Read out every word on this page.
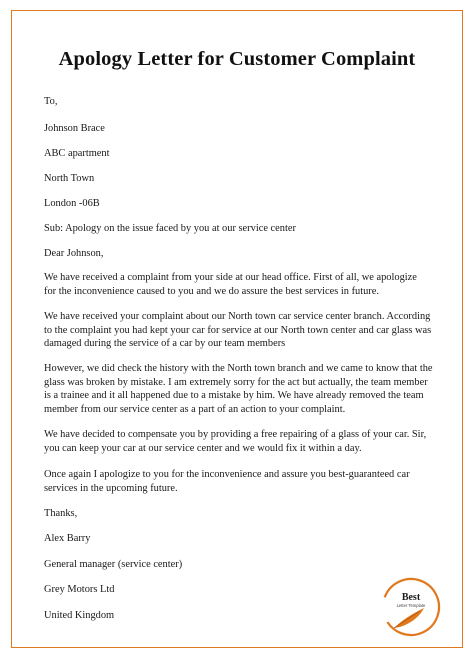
Apology Letter for Customer Complaint
To,
Johnson Brace
ABC apartment
North Town
London -06B
Sub: Apology on the issue faced by you at our service center
Dear Johnson,
We have received a complaint from your side at our head office. First of all, we apologize
for the inconvenience caused to you and we do assure the best services in future.
We have received your complaint about our North town car service center branch. According
to the complaint you had kept your car for service at our North town center and car glass was
damaged during the service of a car by our team members
However, we did check the history with the North town branch and we came to know that the
glass was broken by mistake. I am extremely sorry for the act but actually, the team member
is a trainee and it all happened due to a mistake by him. We have already removed the team
member from our service center as a part of an action to your complaint.
We have decided to compensate you by providing a free repairing of a glass of your car. Sir,
you can keep your car at our service center and we would fix it within a day.
Once again I apologize to you for the inconvenience and assure you best-guaranteed car
services in the upcoming future.
Thanks,
Alex Barry
General manager (service center)
Grey Motors Ltd
United Kingdom
Best
Letter Template
